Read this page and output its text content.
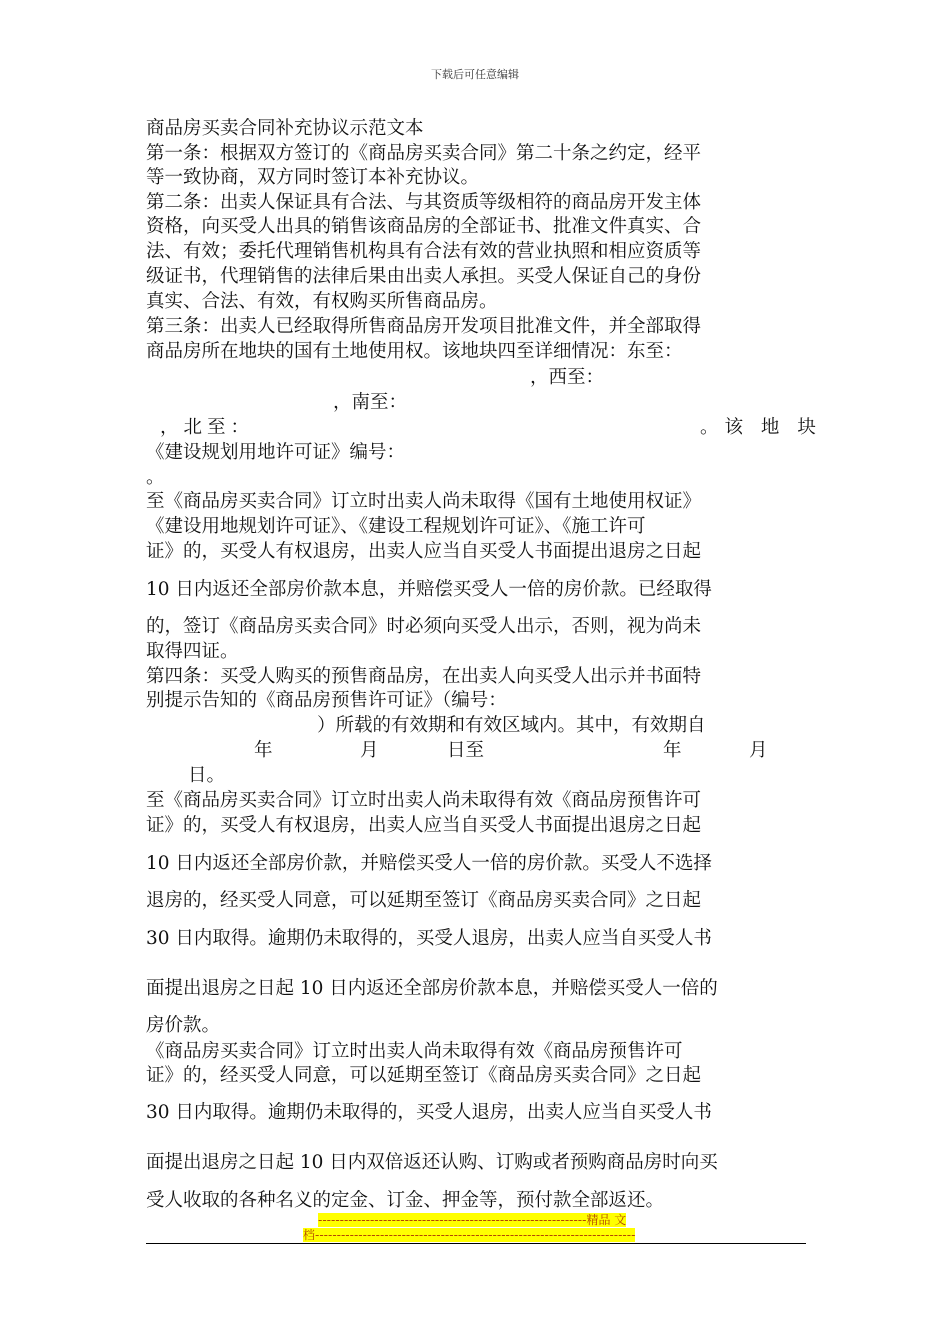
下载后可任意编辑
商品房买卖合同补充协议示范文本
第一条：根据双方签订的《商品房买卖合同》第二十条之约定，经平
等一致协商，双方同时签订本补充协议。
第二条：出卖人保证具有合法、与其资质等级相符的商品房开发主体
资格，向买受人出具的销售该商品房的全部证书、批准文件真实、合
法、有效；委托代理销售机构具有合法有效的营业执照和相应资质等
级证书，代理销售的法律后果由出卖人承担。买受人保证自己的身份
真实、合法、有效，有权购买所售商品房。
第三条：出卖人已经取得所售商品房开发项目批准文件，并全部取得
商品房所在地块的国有土地使用权。该地块四至详细情况：东至：
，西至：
，南至：
，北至：	。该 地 块
《建设规划用地许可证》编号：
。
至《商品房买卖合同》订立时出卖人尚未取得《国有土地使用权证》
《建设用地规划许可证》、《建设工程规划许可证》、《施工许可
证》的，买受人有权退房，出卖人应当自买受人书面提出退房之日起
10 日内返还全部房价款本息，并赔偿买受人一倍的房价款。已经取得
的，签订《商品房买卖合同》时必须向买受人出示，否则，视为尚未
取得四证。
第四条：买受人购买的预售商品房，在出卖人向买受人出示并书面特
别提示告知的《商品房预售许可证》（编号：
）所载的有效期和有效区域内。其中，有效期自
年	月	日至	年	月
日。
至《商品房买卖合同》订立时出卖人尚未取得有效《商品房预售许可
证》的，买受人有权退房，出卖人应当自买受人书面提出退房之日起
10 日内返还全部房价款，并赔偿买受人一倍的房价款。买受人不选择
退房的，经买受人同意，可以延期至签订《商品房买卖合同》之日起
30 日内取得。逾期仍未取得的，买受人退房，出卖人应当自买受人书
面提出退房之日起 10 日内返还全部房价款本息，并赔偿买受人一倍的
房价款。
《商品房买卖合同》订立时出卖人尚未取得有效《商品房预售许可
证》的，经买受人同意，可以延期至签订《商品房买卖合同》之日起
30 日内取得。逾期仍未取得的，买受人退房，出卖人应当自买受人书
面提出退房之日起 10 日内双倍返还认购、订购或者预购商品房时向买
受人收取的各种名义的定金、订金、押金等，预付款全部返还。
--------------------------------------------------------------精品 文
档--------------------------------------------------------------------------
